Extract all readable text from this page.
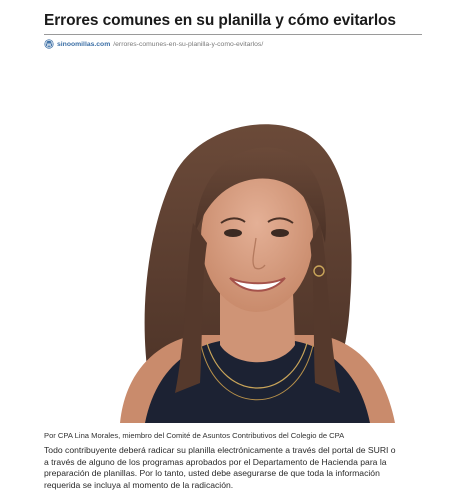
Errores comunes en su planilla y cómo evitarlos
sinoomillas.com /errores-comunes-en-su-planilla-y-como-evitarlos/
Por CPA Lina Morales, miembro del Comité de Asuntos Contributivos del Colegio de CPA
Todo contribuyente deberá radicar su planilla electrónicamente a través del portal de SURI o
a través de alguno de los programas aprobados por el Departamento de Hacienda para la
preparación de planillas. Por lo tanto, usted debe asegurarse de que toda la información
requerida se incluya al momento de la radicación.
